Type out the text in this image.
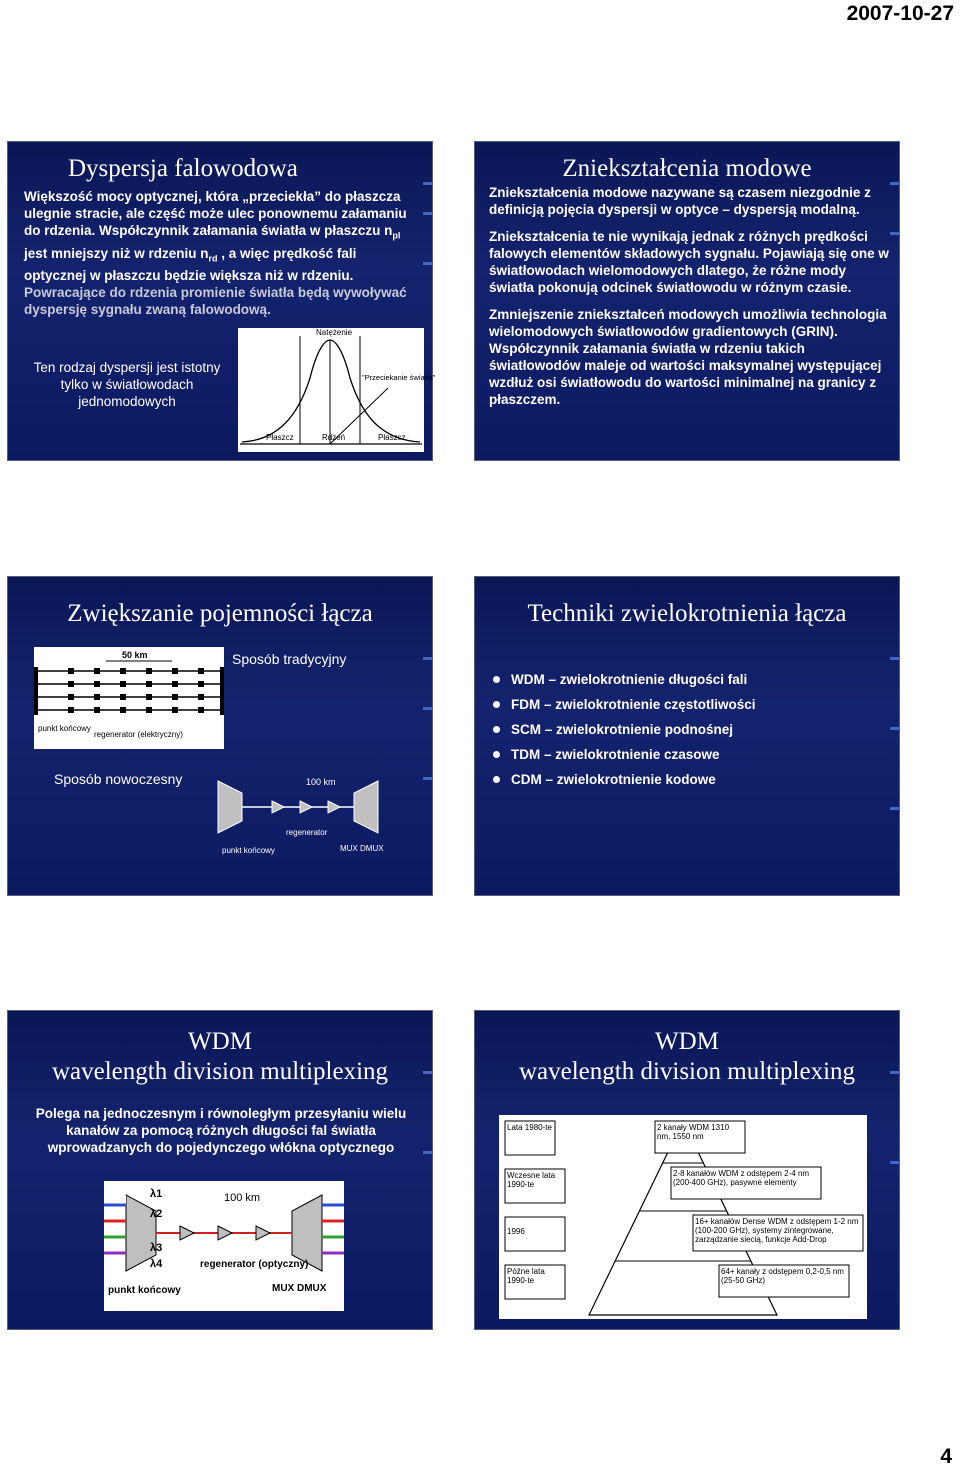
2007-10-27
Dyspersja falowodowa
Większość mocy optycznej, która „przeciekła” do płaszcza ulegnie stracie, ale część może ulec ponownemu załamaniu do rdzenia. Współczynnik załamania światła w płaszczu $n_{pl}$ jest mniejszy niż w rdzeniu $n_{rd}$ , a więc prędkość fali optycznej w płaszczu będzie większa niż w rdzeniu. Powracające do rdzenia promienie światła będą wywoływać dyspersję sygnału zwaną falowodową.
Ten rodzaj dyspersji jest istotny tylko w światłowodach jednomodowych
Natężenie
"Przeciekanie światła"
Płaszcz	Rdzeń	Płaszcz
Zniekształcenia modowe
Zniekształcenia modowe nazywane są czasem niezgodnie z definicją pojęcia dyspersji w optyce – dyspersją modalną.
Zniekształcenia te nie wynikają jednak z różnych prędkości falowych elementów składowych sygnału. Pojawiają się one w światłowodach wielomodowych dlatego, że różne mody światła pokonują odcinek światłowodu w różnym czasie.
Zmniejszenie zniekształceń modowych umożliwia technologia wielomodowych światłowodów gradientowych (GRIN). Współczynnik załamania światła w rdzeniu takich światłowodów maleje od wartości maksymalnej występującej wzdłuż osi światłowodu do wartości minimalnej na granicy z płaszczem.
Zwiększanie pojemności łącza
50 km
punkt końcowy
regenerator (elektryczny)
Sposób tradycyjny
Sposób nowoczesny	100 km
regenerator
MUX DMUX
punkt końcowy
Techniki zwielokrotnienia łącza
WDM – zwielokrotnienie długości fali
FDM – zwielokrotnienie częstotliwości
SCM – zwielokrotnienie podnośnej
TDM – zwielokrotnienie czasowe
CDM – zwielokrotnienie kodowe
WDM
wavelength division multiplexing
Polega na jednoczesnym i równoległym przesyłaniu wielu kanałów za pomocą różnych długości fal światła wprowadzanych do pojedynczego włókna optycznego
λ1
λ2
λ3
λ4
100 km
regenerator (optyczny)
punkt końcowy	MUX DMUX
WDM
wavelength division multiplexing
Lata 1980-te
Wczesne lata 1990-te
1996
Późne lata 1990-te
2 kanały WDM 1310 nm, 1550 nm
2-8 kanałów WDM z odstępem 2-4 nm (200-400 GHz), pasywne elementy
16+ kanałów Dense WDM z odstępem 1-2 nm (100-200 GHz), systemy zintegrowane, zarządzanie siecią, funkcje Add-Drop
64+ kanały z odstępem 0,2-0,5 nm (25-50 GHz)
4
